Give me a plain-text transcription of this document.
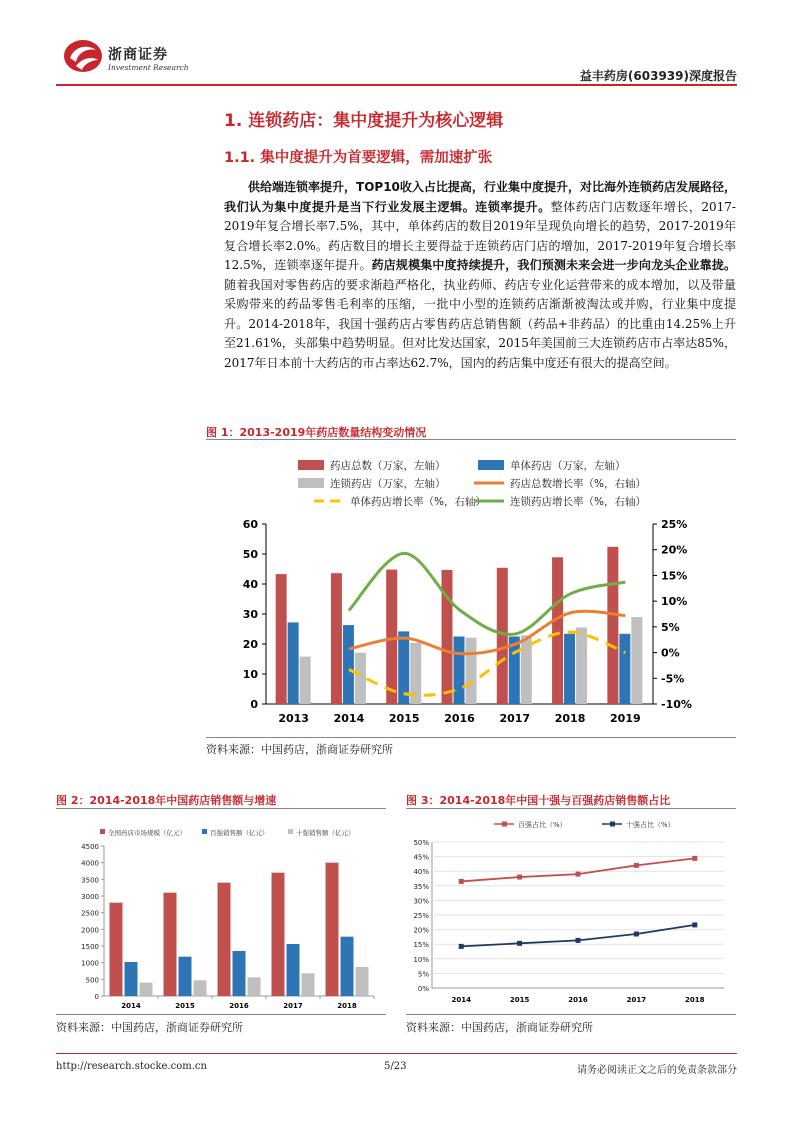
浙商证券
Investment Research
益丰药房(603939)深度报告
1. 连锁药店：集中度提升为核心逻辑
1.1. 集中度提升为首要逻辑，需加速扩张
供给端连锁率提升，TOP10收入占比提高，行业集中度提升，对比海外连锁药店发展路径，我们认为集中度提升是当下行业发展主逻辑。连锁率提升。整体药店门店数逐年增长，2017-2019年复合增长率7.5%，其中，单体药店的数目2019年呈现负向增长的趋势，2017-2019年复合增长率2.0%。药店数目的增长主要得益于连锁药店门店的增加，2017-2019年复合增长率12.5%，连锁率逐年提升。药店规模集中度持续提升，我们预测未来会进一步向龙头企业靠拢。随着我国对零售药店的要求渐趋严格化，执业药师、药店专业化运营带来的成本增加，以及带量采购带来的药品零售毛利率的压缩，一批中小型的连锁药店渐渐被淘汰或并购，行业集中度提升。2014-2018年，我国十强药店占零售药店总销售额（药品+非药品）的比重由14.25%上升至21.61%，头部集中趋势明显。但对比发达国家，2015年美国前三大连锁药店市占率达85%，2017年日本前十大药店的市占率达62.7%，国内的药店集中度还有很大的提高空间。
图 1：2013-2019年药店数量结构变动情况
药店总数（万家，左轴）	单体药店（万家，左轴）
连锁药店（万家，左轴）	药店总数增长率（%，右轴）
单体药店增长率（%，右轴） 连锁药店增长率（%，右轴）
0
10
20
30
40
50
60
-10%
-5%
0%
5%
10%
15%
20%
25%
2013 2014 2015 2016 2017 2018 2019
资料来源：中国药店，浙商证券研究所
图 2：2014-2018年中国药店销售额与增速
全国药店市场规模（亿元）	百强销售额（亿元）	十强销售额（亿元）
0
500
1000
1500
2000
2500
3000
3500
4000
4500
2014	2015	2016	2017	2018
资料来源：中国药店，浙商证券研究所
图 3：2014-2018年中国十强与百强药店销售额占比
百强占比（%）	十强占比（%）
0%
5%
10%
15%
20%
25%
30%
35%
40%
45%
50%
2014	2015	2016	2017	2018
资料来源：中国药店，浙商证券研究所
http://research.stocke.com.cn	5/23	请务必阅读正文之后的免责条款部分
